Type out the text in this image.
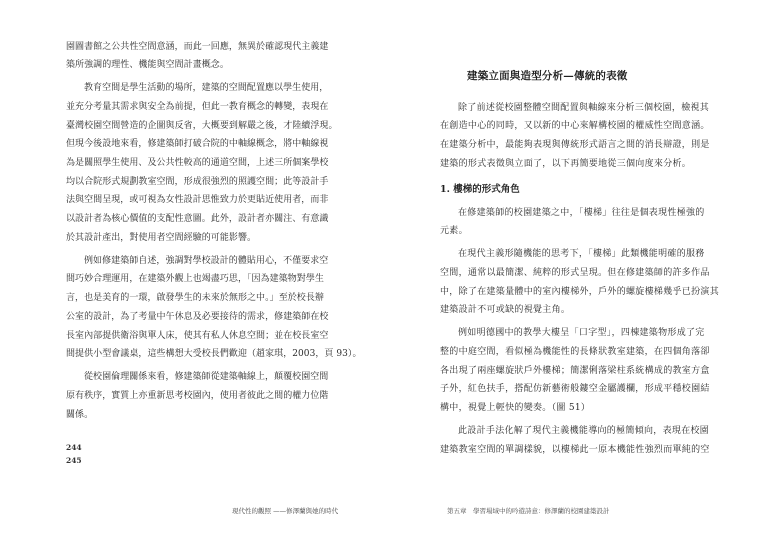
園圖書館之公共性空間意涵，而此一回應，無異於確認現代主義建
築所強調的理性、機能與空間計畫概念。
教育空間是學生活動的場所，建築的空間配置應以學生使用，
並充分考量其需求與安全為前提，但此一教育概念的轉變，表現在
臺灣校園空間營造的企圖與反省，大概要到解嚴之後，才陸續浮現。
但現今後設地來看，修建築師打破合院的中軸線概念，將中軸線視
為是關照學生使用、及公共性較高的通道空間，上述三所個案學校
均以合院形式規劃教室空間，形成很強烈的照護空間；此等設計手
法與空間呈現，或可視為女性設計思惟致力於更貼近使用者，而非
以設計者為核心價值的支配性意圖。此外，設計者亦關注、有意識
於其設計產出，對使用者空間經驗的可能影響。
例如修建築師自述，強調對學校設計的體貼用心，不僅要求空
間巧妙合理運用，在建築外觀上也竭盡巧思，「因為建築物對學生
言，也是美育的一環，啟發學生的未來於無形之中。」至於校長辦
公室的設計，為了考量中午休息及必要接待的需求，修建築師在校
長室內部提供衛浴與單人床，使其有私人休息空間；並在校長室空
間提供小型會議桌，這些構想大受校長們歡迎（趙家琪，2003，頁 93）。
從校園倫理關係來看，修建築師從建築軸線上，顛覆校園空間
原有秩序，實質上亦重新思考校園內，使用者彼此之間的權力位階
關係。
244
245
現代性的觀照 ——修澤蘭與她的時代
建築立面與造型分析—傳統的表徵
除了前述從校園整體空間配置與軸線來分析三個校園，檢視其
在創造中心的同時，又以新的中心來解構校園的權威性空間意涵。
在建築分析中，最能夠表現與傳統形式語言之間的消長辯證，則是
建築的形式表徵與立面了，以下再簡要地從三個向度來分析。
1. 樓梯的形式角色
在修建築師的校園建築之中，「樓梯」往往是個表現性極強的
元素。
在現代主義形隨機能的思考下，「樓梯」此類機能明確的服務
空間，通常以最簡潔、純粹的形式呈現。但在修建築師的許多作品
中，除了在建築量體中的室內樓梯外，戶外的螺旋樓梯幾乎已扮演其
建築設計不可或缺的視覺主角。
例如明德國中的教學大樓呈「口字型」，四棟建築物形成了完
整的中庭空間，看似極為機能性的長條狀教室建築，在四個角落卻
各出現了兩座螺旋狀戶外樓梯；簡潔俐落梁柱系統構成的教室方盒
子外，紅色扶手，搭配仿新藝術般鏤空金屬護欄，形成平穩校園結
構中，視覺上輕快的變奏。（圖 51）
此設計手法化解了現代主義機能導向的極簡傾向，表現在校園
建築教室空間的單調樣貌，以樓梯此一原本機能性強烈而單純的空
第五章　學習場域中的吟遊詩意：修澤蘭的校園建築設計
